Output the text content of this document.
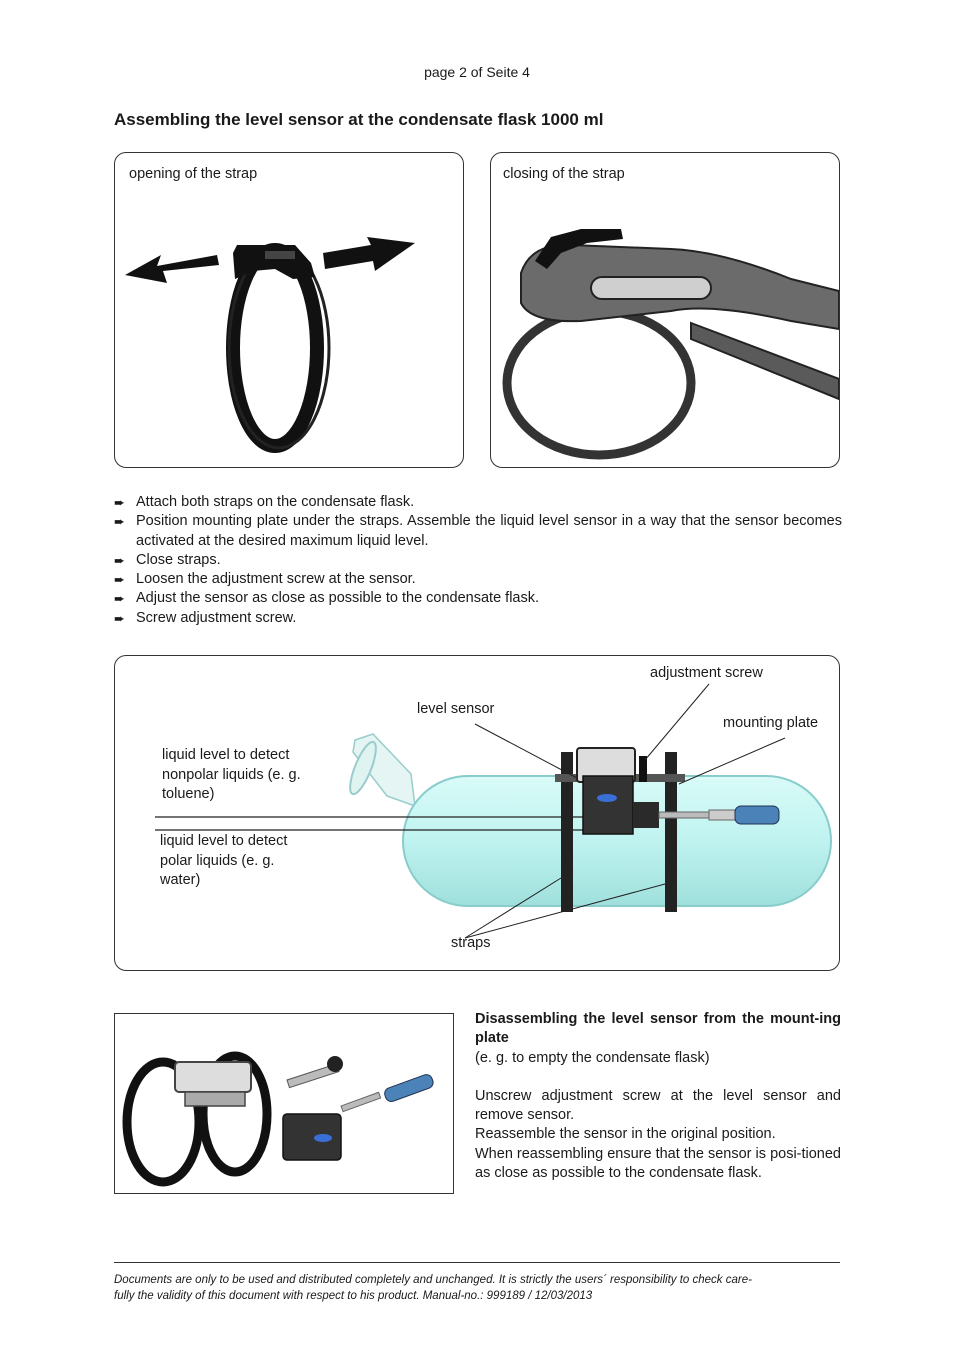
page 2 of Seite 4
Assembling the level sensor at the condensate flask 1000 ml
opening of the strap	closing of the strap
➨ Attach both straps on the condensate flask.
➨ Position mounting plate under the straps. Assemble the liquid level sensor in a way that the sensor becomes activated at the desired maximum liquid level.
➨ Close straps.
➨ Loosen the adjustment screw at the sensor.
➨ Adjust the sensor as close as possible to the condensate flask.
➨ Screw adjustment screw.
adjustment screw
level sensor
mounting plate
liquid level to detect
nonpolar liquids (e. g.
toluene)
liquid level to detect
polar liquids (e. g.
water)
straps
Disassembling the level sensor from the mount-ing plate
(e. g. to empty the condensate flask)
Unscrew adjustment screw at the level sensor and remove sensor.
Reassemble the sensor in the original position.
When reassembling ensure that the sensor is posi-tioned as close as possible to the condensate flask.
Documents are only to be used and distributed completely and unchanged. It is strictly the users´ responsibility to check care-
fully the validity of this document with respect to his product. Manual-no.: 999189 / 12/03/2013
